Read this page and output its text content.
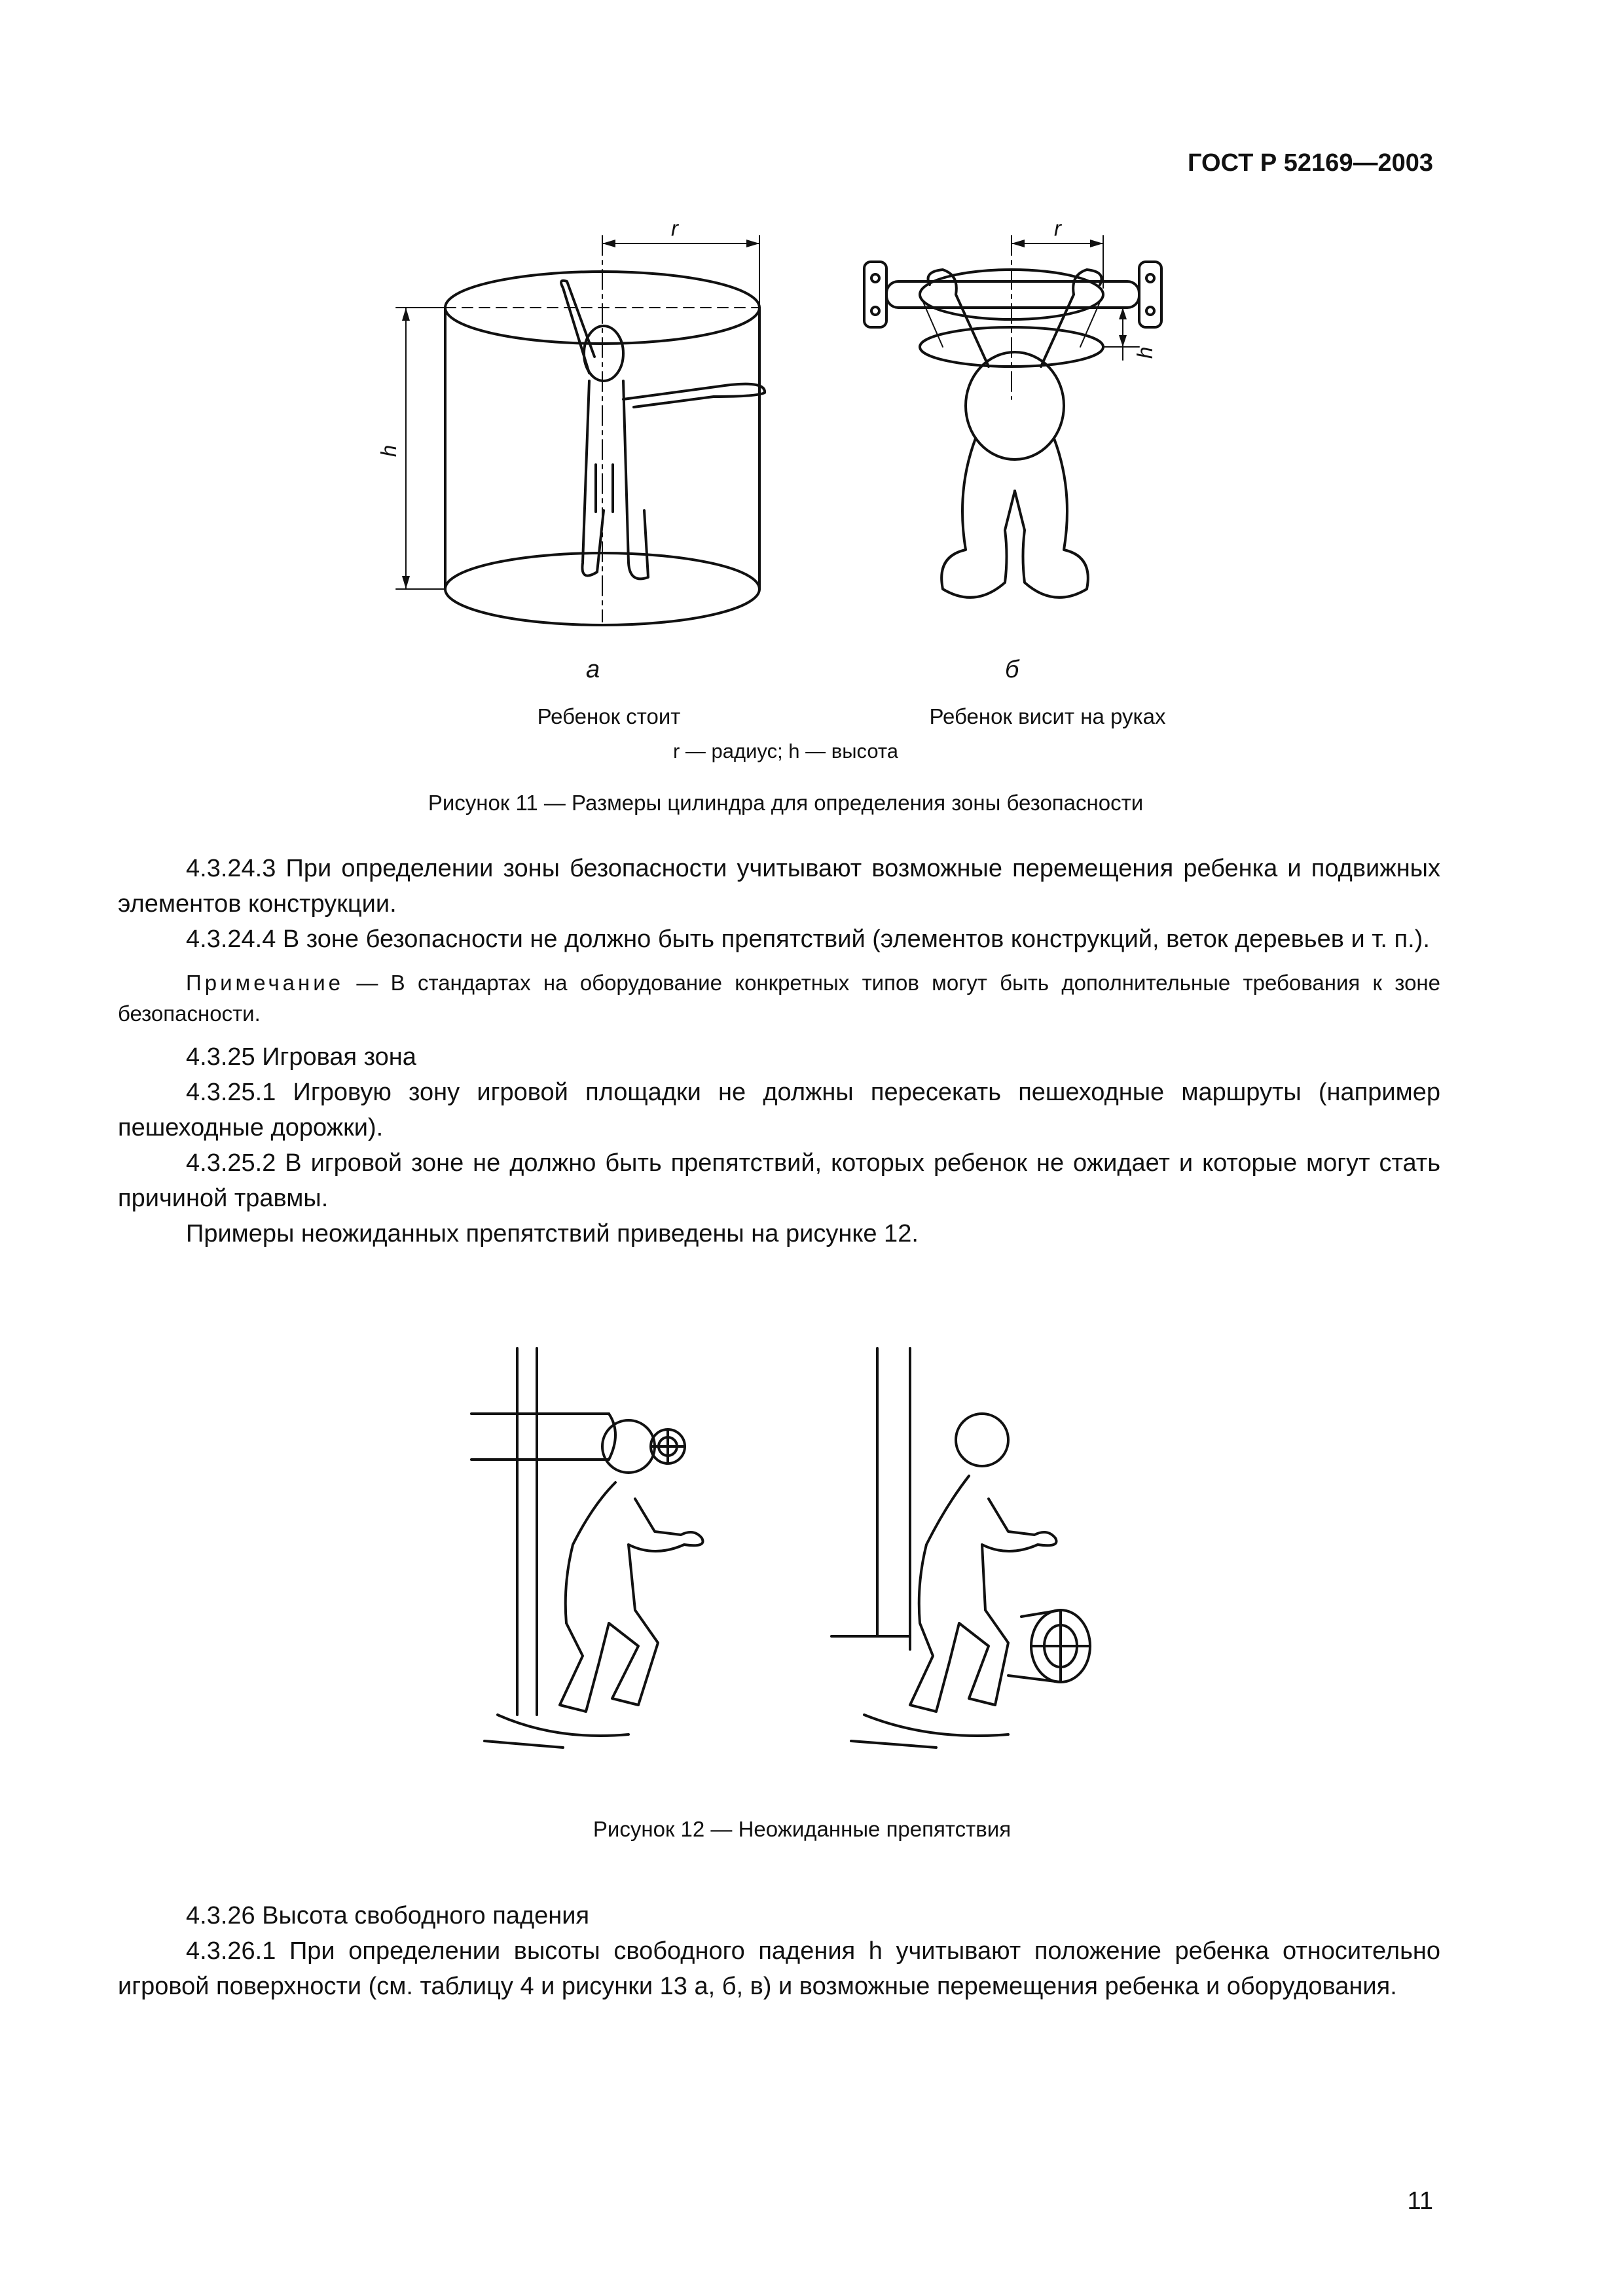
ГОСТ Р 52169—2003
r
h
r
h
а	б
Ребенок стоит	Ребенок висит на руках
r — радиус; h — высота
Рисунок 11 — Размеры цилиндра для определения зоны безопасности

4.3.24.3 При определении зоны безопасности учитывают возможные перемещения ребенка и подвижных элементов конструкции.

4.3.24.4 В зоне безопасности не должно быть препятствий (элементов конструкций, веток деревьев и т. п.).

Примечание — В стандартах на оборудование конкретных типов могут быть дополнительные требования к зоне безопасности.

4.3.25 Игровая зона

4.3.25.1 Игровую зону игровой площадки не должны пересекать пешеходные маршруты (например пешеходные дорожки).

4.3.25.2 В игровой зоне не должно быть препятствий, которых ребенок не ожидает и которые могут стать причиной травмы.

Примеры неожиданных препятствий приведены на рисунке 12.

Рисунок 12 — Неожиданные препятствия

4.3.26 Высота свободного падения

4.3.26.1 При определении высоты свободного падения h учитывают положение ребенка относительно игровой поверхности (см. таблицу 4 и рисунки 13 а, б, в) и возможные перемещения ребенка и оборудования.

11
